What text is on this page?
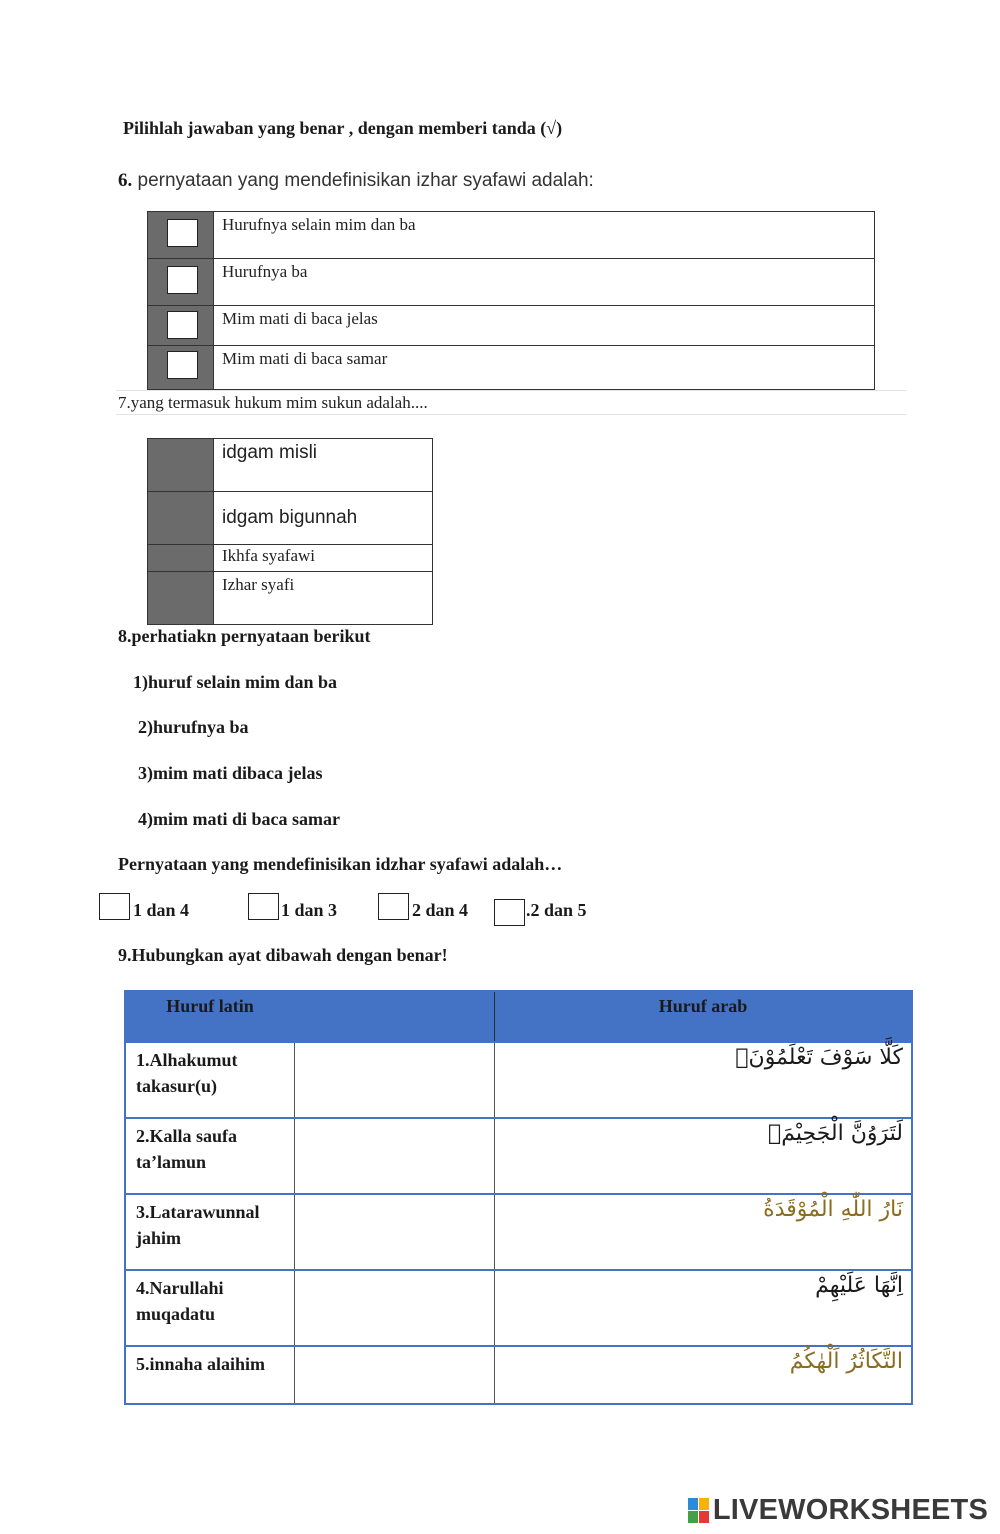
Pilihlah jawaban yang benar , dengan memberi tanda (√)
6. pernyataan yang mendefinisikan izhar syafawi adalah:
	Hurufnya selain mim dan ba

	Hurufnya ba

	Mim mati di baca jelas

	Mim mati di baca samar
7.yang termasuk hukum mim sukun adalah....
	idgam misli
	idgam bigunnah
	Ikhfa syafawi
	Izhar syafi
8.perhatiakn pernyataan berikut
1)huruf selain mim dan ba
2)hurufnya ba
3)mim mati dibaca jelas
4)mim mati di baca samar
Pernyataan yang mendefinisikan idzhar syafawi adalah…
1 dan 4	1 dan 3	2 dan 4	.2 dan 5
9.Hubungkan ayat dibawah dengan benar!
Huruf latin		Huruf arab
1.Alhakumut takasur(u)		كَلَّا سَوْفَ تَعْلَمُوْنَۙ
2.Kalla saufa ta’lamun		لَتَرَوُنَّ الْجَحِيْمَۙ
3.Latarawunnal jahim		نَارُ اللّٰهِ الْمُوْقَدَةُ
4.Narullahi muqadatu		اِنَّهَا عَلَيْهِمْ
5.innaha alaihim		التَّكَاثُرُ اَلْهٰكُمُ
LIVEWORKSHEETS
